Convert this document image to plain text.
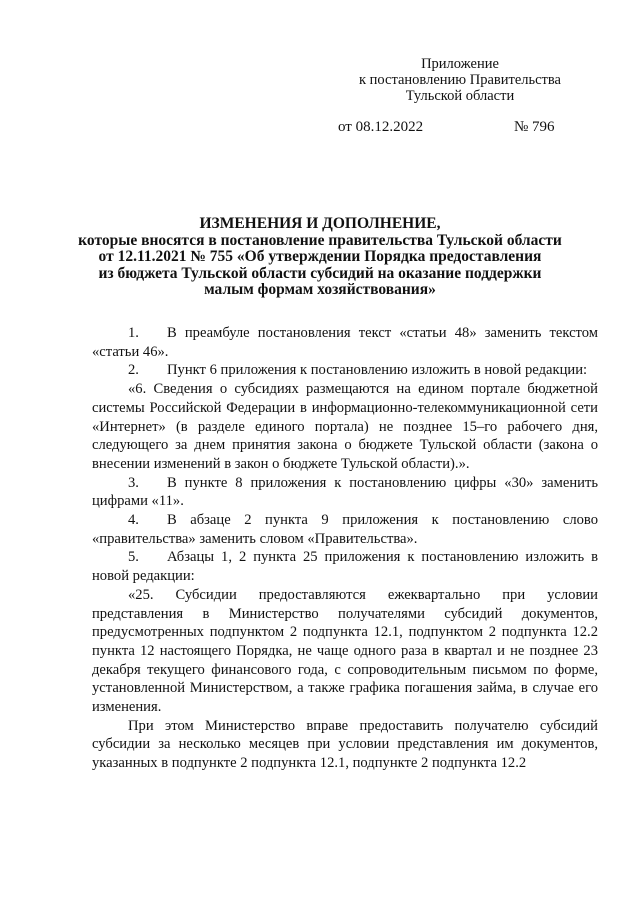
Приложение
к постановлению Правительства
Тульской области
от 08.12.2022	№ 796
ИЗМЕНЕНИЯ И ДОПОЛНЕНИЕ,
которые вносятся в постановление правительства Тульской области
от 12.11.2021 № 755 «Об утверждении Порядка предоставления
из бюджета Тульской области субсидий на оказание поддержки
малым формам хозяйствования»

1. В преамбуле постановления текст «статьи 48» заменить текстом «статьи 46».

2. Пункт 6 приложения к постановлению изложить в новой редакции:

«6. Сведения о субсидиях размещаются на едином портале бюджетной системы Российской Федерации в информационно-телекоммуникационной сети «Интернет» (в разделе единого портала) не позднее 15–го рабочего дня, следующего за днем принятия закона о бюджете Тульской области (закона о внесении изменений в закон о бюджете Тульской области).».

3. В пункте 8 приложения к постановлению цифры «30» заменить цифрами «11».

4. В абзаце 2 пункта 9 приложения к постановлению слово «правительства» заменить словом «Правительства».

5. Абзацы 1, 2 пункта 25 приложения к постановлению изложить в новой редакции:

«25. Субсидии предоставляются ежеквартально при условии представления в Министерство получателями субсидий документов, предусмотренных подпунктом 2 подпункта 12.1, подпунктом 2 подпункта 12.2 пункта 12 настоящего Порядка, не чаще одного раза в квартал и не позднее 23 декабря текущего финансового года, с сопроводительным письмом по форме, установленной Министерством, а также графика погашения займа, в случае его изменения.

При этом Министерство вправе предоставить получателю субсидий субсидии за несколько месяцев при условии представления им документов, указанных в подпункте 2 подпункта 12.1, подпункте 2 подпункта 12.2
